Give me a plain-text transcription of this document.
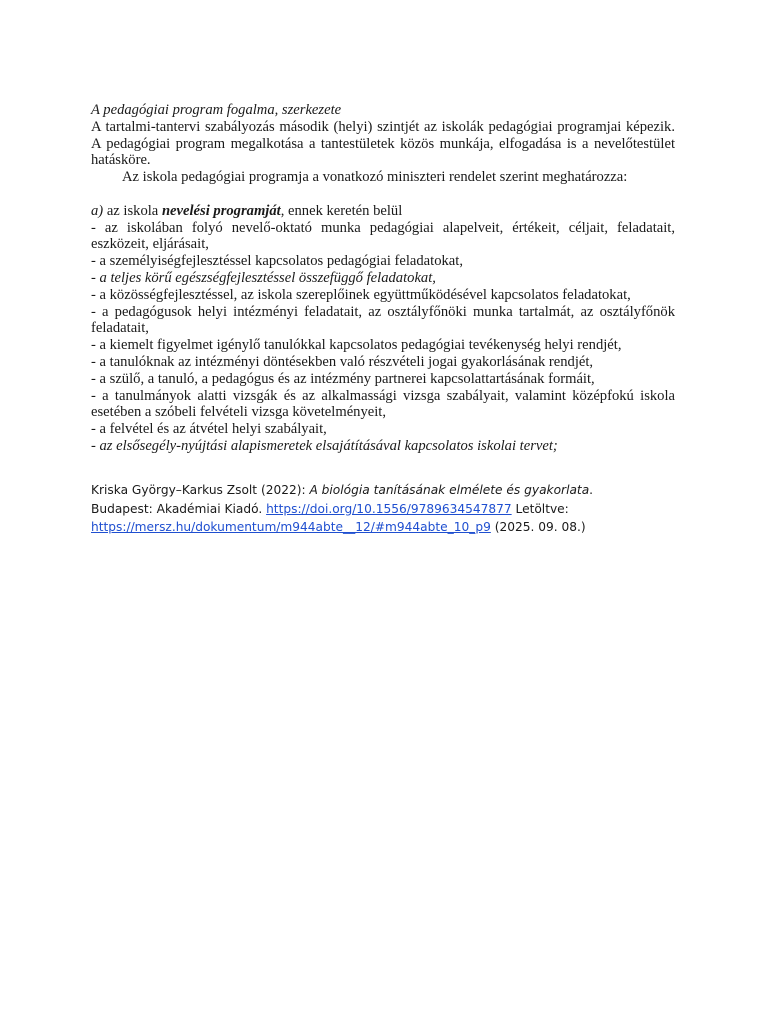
A pedagógiai program fogalma, szerkezete

A tartalmi-tantervi szabályozás második (helyi) szintjét az iskolák pedagógiai programjai képezik. A pedagógiai program megalkotása a tantestületek közös munkája, elfogadása is a nevelőtestület hatásköre.

Az iskola pedagógiai programja a vonatkozó miniszteri rendelet szerint meghatározza:

a) az iskola nevelési programját, ennek keretén belül

- az iskolában folyó nevelő-oktató munka pedagógiai alapelveit, értékeit, céljait, feladatait, eszközeit, eljárásait,

- a személyiségfejlesztéssel kapcsolatos pedagógiai feladatokat,

- a teljes körű egészségfejlesztéssel összefüggő feladatokat,

- a közösségfejlesztéssel, az iskola szereplőinek együttműködésével kapcsolatos feladatokat,

- a pedagógusok helyi intézményi feladatait, az osztályfőnöki munka tartalmát, az osztályfőnök feladatait,

- a kiemelt figyelmet igénylő tanulókkal kapcsolatos pedagógiai tevékenység helyi rendjét,

- a tanulóknak az intézményi döntésekben való részvételi jogai gyakorlásának rendjét,

- a szülő, a tanuló, a pedagógus és az intézmény partnerei kapcsolattartásának formáit,

- a tanulmányok alatti vizsgák és az alkalmassági vizsga szabályait, valamint középfokú iskola esetében a szóbeli felvételi vizsga követelményeit,

- a felvétel és az átvétel helyi szabályait,

- az elsősegély-nyújtási alapismeretek elsajátításával kapcsolatos iskolai tervet;

Kriska György–Karkus Zsolt (2022): A biológia tanításának elmélete és gyakorlata. Budapest: Akadémiai Kiadó. https://doi.org/10.1556/9789634547877 Letöltve: https://mersz.hu/dokumentum/m944abte__12/#m944abte_10_p9 (2025. 09. 08.)
